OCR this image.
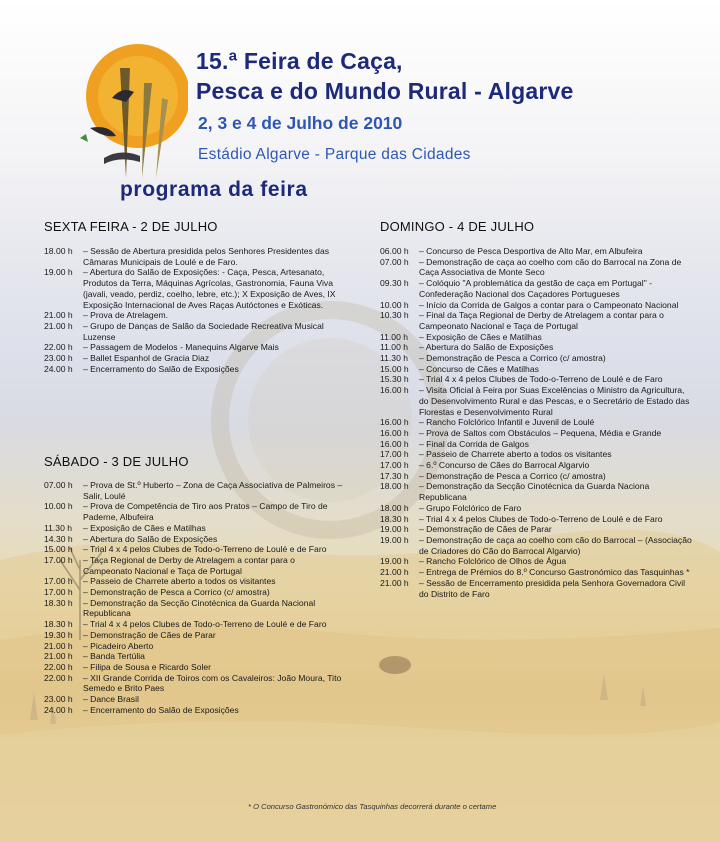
15.ª Feira de Caça,
Pesca e do Mundo Rural - Algarve
2, 3 e 4 de Julho de 2010
Estádio Algarve - Parque das Cidades
programa da feira
SEXTA FEIRA - 2 DE JULHO
SÁBADO - 3 DE JULHO
DOMINGO - 4 DE JULHO
18.00 h	– Sessão de Abertura presidida pelos Senhores Presidentes das Câmaras Municipais de Loulé e de Faro.
19.00 h	– Abertura do Salão de Exposições: - Caça, Pesca, Artesanato, Produtos da Terra, Máquinas Agrícolas, Gastronomia, Fauna Viva (javali, veado, perdiz, coelho, lebre, etc.); X Exposição de Aves, IX Exposição Internacional de Aves Raças Autóctones e Exóticas.
21.00 h	– Prova de Atrelagem.
21.00 h	– Grupo de Danças de Salão da Sociedade Recreativa Musical Luzense
22.00 h	– Passagem de Modelos - Manequins Algarve Mais
23.00 h	– Ballet Espanhol de Gracia Diaz
24.00 h	– Encerramento do Salão de Exposições
07.00 h	– Prova de St.º Huberto – Zona de Caça Associativa de Palmeiros – Salir, Loulé
10.00 h	– Prova de Competência de Tiro aos Pratos – Campo de Tiro de Paderne, Albufeira
11.30 h	– Exposição de Cães e Matilhas
14.30 h	– Abertura do Salão de Exposições
15.00 h	– Trial 4 x 4 pelos Clubes de Todo-o-Terreno de Loulé e de Faro
17.00 h	– Taça Regional de Derby de Atrelagem a contar para o Campeonato Nacional e Taça de Portugal
17.00 h	– Passeio de Charrete aberto a todos os visitantes
17.00 h	– Demonstração de Pesca a Corrico (c/ amostra)
18.30 h	– Demonstração da Secção Cinotécnica da Guarda Nacional Republicana
18.30 h	– Trial 4 x 4 pelos Clubes de Todo-o-Terreno de Loulé e de Faro
19.30 h	– Demonstração de Cães de Parar
21.00 h	– Picadeiro Aberto
21.00 h	– Banda Tertúlia
22.00 h	– Filipa de Sousa e Ricardo Soler
22.00 h	– XII Grande Corrida de Toiros com os Cavaleiros: João Moura, Tito Semedo e Brito Paes
23.00 h	– Dance Brasil
24.00 h	– Encerramento do Salão de Exposições
06.00 h	– Concurso de Pesca Desportiva de Alto Mar, em Albufeira
07.00 h	– Demonstração de caça ao coelho com cão do Barrocal na Zona de Caça Associativa de Monte Seco
09.30 h	– Colóquio "A problemática da gestão de caça em Portugal" - Confederação Nacional dos Caçadores Portugueses
10.00 h	– Início da Corrida de Galgos a contar para o Campeonato Nacional
10.30 h	– Final da Taça Regional de Derby de Atrelagem a contar para o Campeonato Nacional e Taça de Portugal
11.00 h	– Exposição de Cães e Matilhas
11.00 h	– Abertura do Salão de Exposições
11.30 h	– Demonstração de Pesca a Corrico (c/ amostra)
15.00 h	– Concurso de Cães e Matilhas
15.30 h	– Trial 4 x 4 pelos Clubes de Todo-o-Terreno de Loulé e de Faro
16.00 h	– Visita Oficial à Feira por Suas Excelências o Ministro da Agricultura, do Desenvolvimento Rural e das Pescas, e o Secretário de Estado das Florestas e Desenvolvimento Rural
16.00 h	– Rancho Folclórico Infantil e Juvenil de Loulé
16.00 h	– Prova de Saltos com Obstáculos – Pequena, Média e Grande
16.00 h	– Final da Corrida de Galgos
17.00 h	– Passeio de Charrete aberto a todos os visitantes
17.00 h	– 6.º Concurso de Cães do Barrocal Algarvio
17.30 h	– Demonstração de Pesca a Corrico (c/ amostra)
18.00 h	– Demonstração da Secção Cinotécnica da Guarda Naciona Republicana
18.00 h	– Grupo Folclórico de Faro
18.30 h	– Trial 4 x 4 pelos Clubes de Todo-o-Terreno de Loulé e de Faro
19.00 h	– Demonstração de Cães de Parar
19.00 h	– Demonstração de caça ao coelho com cão do Barrocal – (Associação de Criadores do Cão do Barrocal Algarvio)
19.00 h	– Rancho Folclórico de Olhos de Água
21.00 h	– Entrega de Prémios do 8.º Concurso Gastronómico das Tasquinhas *
21.00 h	– Sessão de Encerramento presidida pela Senhora Governadora Civil do Distrito de Faro
* O Concurso Gastronómico das Tasquinhas decorrerá durante o certame
